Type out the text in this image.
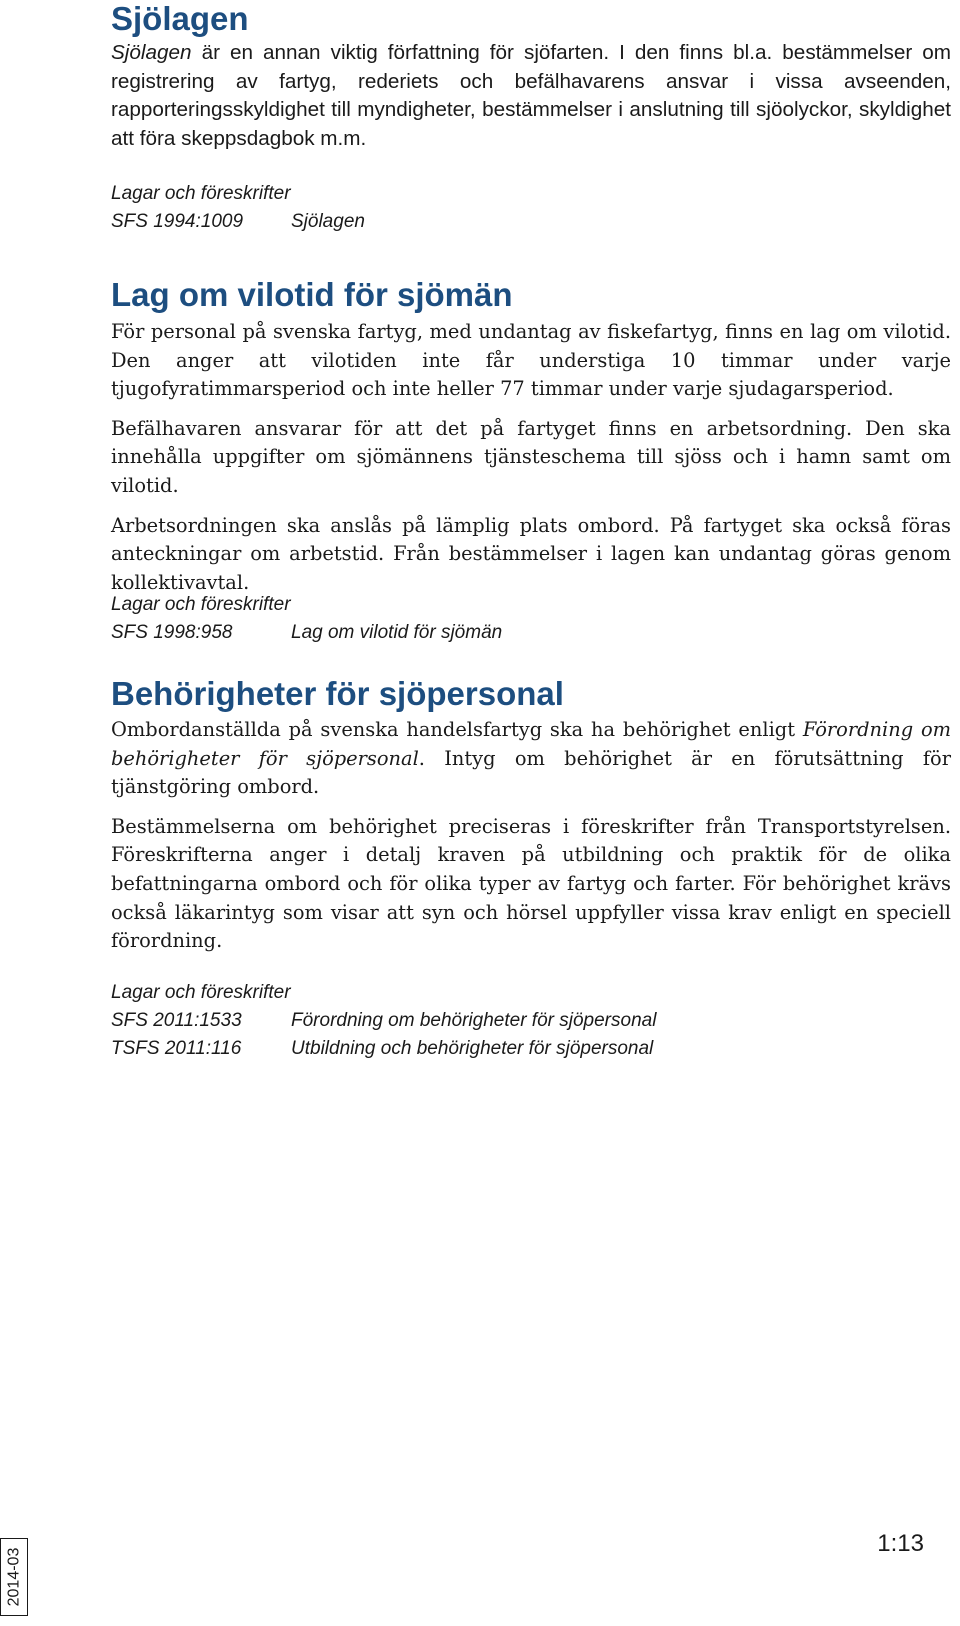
Sjölagen

Sjölagen är en annan viktig författning för sjöfarten. I den finns bl.a. bestämmelser om registrering av fartyg, rederiets och befälhavarens ansvar i vissa avseenden, rapporteringsskyldighet till myndigheter, bestämmelser i anslutning till sjöolyckor, skyldighet att föra skeppsdagbok m.m.

Lagar och föreskrifter

SFS 1994:1009	Sjölagen
Lag om vilotid för sjömän

För personal på svenska fartyg, med undantag av fiskefartyg, finns en lag om vilotid. Den anger att vilotiden inte får understiga 10 timmar under varje tjugofyratimmarsperiod och inte heller 77 timmar under varje sjudagarsperiod.

Befälhavaren ansvarar för att det på fartyget finns en arbetsordning. Den ska innehålla uppgifter om sjömännens tjänsteschema till sjöss och i hamn samt om vilotid.

Arbetsordningen ska anslås på lämplig plats ombord. På fartyget ska också föras anteckningar om arbetstid. Från bestämmelser i lagen kan undantag göras genom kollektivavtal.

Lagar och föreskrifter

SFS 1998:958	Lag om vilotid för sjömän
Behörigheter för sjöpersonal

Ombordanställda på svenska handelsfartyg ska ha behörighet enligt Förordning om behörigheter för sjöpersonal. Intyg om behörighet är en förutsättning för tjänstgöring ombord.

Bestämmelserna om behörighet preciseras i föreskrifter från Transportstyrelsen. Föreskrifterna anger i detalj kraven på utbildning och praktik för de olika befattningarna ombord och för olika typer av fartyg och farter. För behörighet krävs också läkarintyg som visar att syn och hörsel uppfyller vissa krav enligt en speciell förordning.

Lagar och föreskrifter

SFS 2011:1533	Förordning om behörigheter för sjöpersonal
TSFS 2011:116	Utbildning och behörigheter för sjöpersonal
2014-03
1:13
